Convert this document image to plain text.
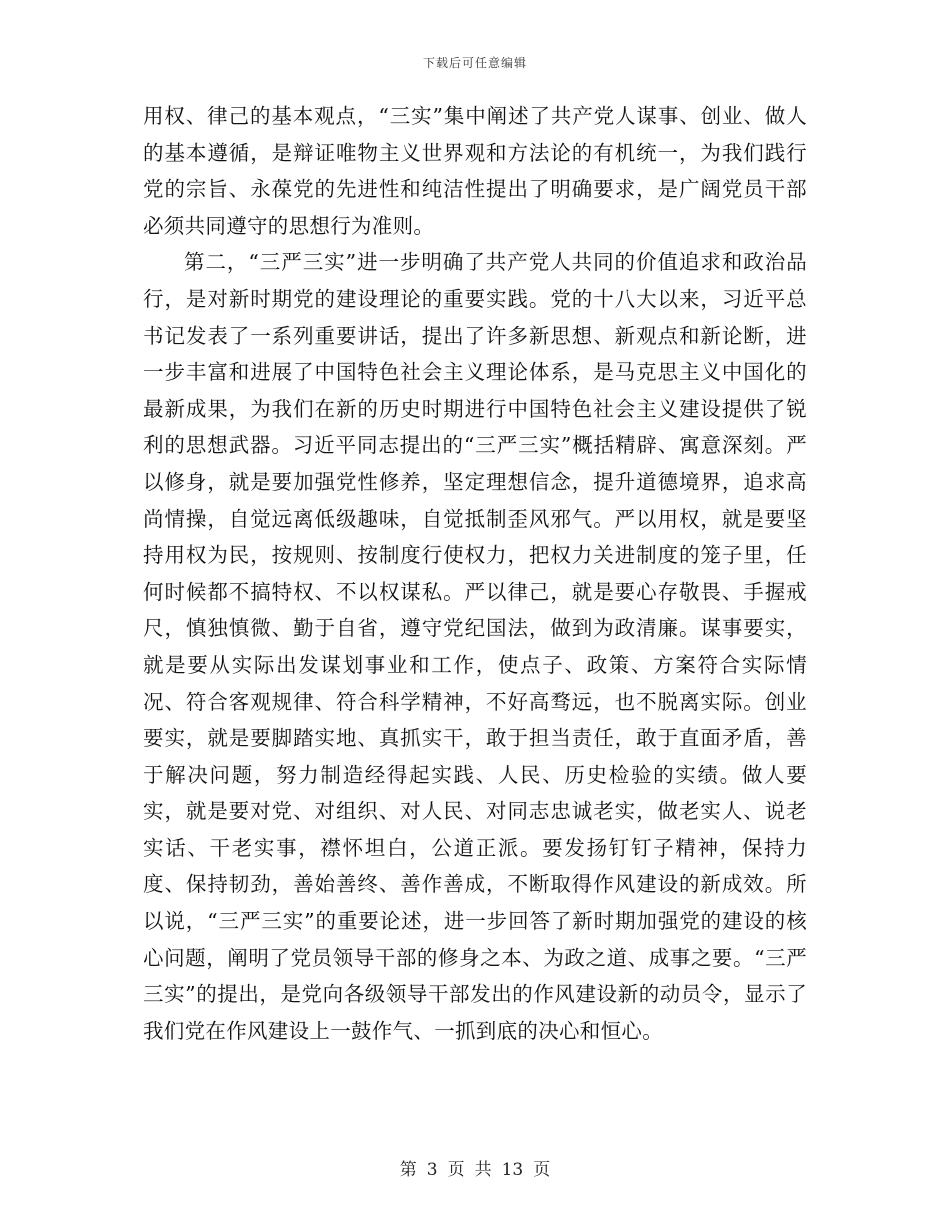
下载后可任意编辑

用权、律己的基本观点，“三实”集中阐述了共产党人谋事、创业、做人的基本遵循，是辩证唯物主义世界观和方法论的有机统一，为我们践行党的宗旨、永葆党的先进性和纯洁性提出了明确要求，是广阔党员干部必须共同遵守的思想行为准则。

第二，“三严三实”进一步明确了共产党人共同的价值追求和政治品行，是对新时期党的建设理论的重要实践。党的十八大以来，习近平总书记发表了一系列重要讲话，提出了许多新思想、新观点和新论断，进一步丰富和进展了中国特色社会主义理论体系，是马克思主义中国化的最新成果，为我们在新的历史时期进行中国特色社会主义建设提供了锐利的思想武器。习近平同志提出的“三严三实”概括精辟、寓意深刻。严以修身，就是要加强党性修养，坚定理想信念，提升道德境界，追求高尚情操，自觉远离低级趣味，自觉抵制歪风邪气。严以用权，就是要坚持用权为民，按规则、按制度行使权力，把权力关进制度的笼子里，任何时候都不搞特权、不以权谋私。严以律己，就是要心存敬畏、手握戒尺，慎独慎微、勤于自省，遵守党纪国法，做到为政清廉。谋事要实，就是要从实际出发谋划事业和工作，使点子、政策、方案符合实际情况、符合客观规律、符合科学精神，不好高骛远，也不脱离实际。创业要实，就是要脚踏实地、真抓实干，敢于担当责任，敢于直面矛盾，善于解决问题，努力制造经得起实践、人民、历史检验的实绩。做人要实，就是要对党、对组织、对人民、对同志忠诚老实，做老实人、说老实话、干老实事，襟怀坦白，公道正派。要发扬钉钉子精神，保持力度、保持韧劲，善始善终、善作善成，不断取得作风建设的新成效。所以说，“三严三实”的重要论述，进一步回答了新时期加强党的建设的核心问题，阐明了党员领导干部的修身之本、为政之道、成事之要。“三严三实”的提出，是党向各级领导干部发出的作风建设新的动员令，显示了我们党在作风建设上一鼓作气、一抓到底的决心和恒心。

第 3 页 共 13 页
